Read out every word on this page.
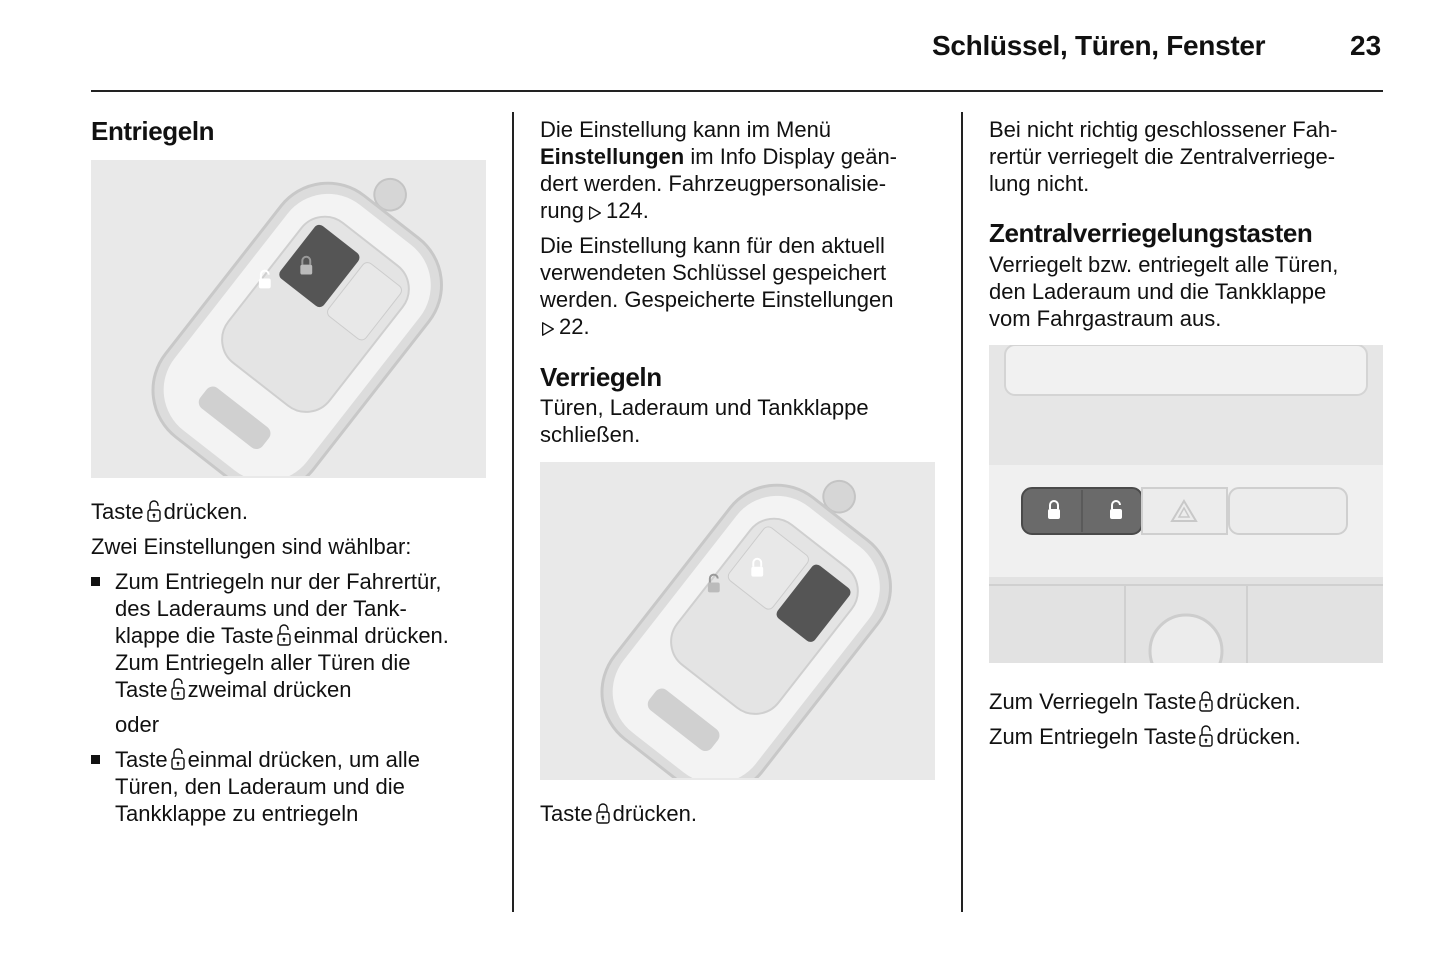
Schlüssel, Türen, Fenster	23
Entriegeln

Taste drücken.

Zwei Einstellungen sind wählbar:

Zum Entriegeln nur der Fahrertür,

des Laderaums und der Tank-

klappe die Taste einmal drücken.

Zum Entriegeln aller Türen die

Taste zweimal drücken

oder

Taste einmal drücken, um alle

Türen, den Laderaum und die

Tankklappe zu entriegeln

Die Einstellung kann im Menü

Einstellungen im Info Display geän-

dert werden. Fahrzeugpersonalisie-

rung 124.

Die Einstellung kann für den aktuell

verwendeten Schlüssel gespeichert

werden. Gespeicherte Einstellungen

22.

Verriegeln

Türen, Laderaum und Tankklappe

schließen.

Taste drücken.

Bei nicht richtig geschlossener Fah-

rertür verriegelt die Zentralverriege-

lung nicht.

Zentralverriegelungstasten

Verriegelt bzw. entriegelt alle Türen,

den Laderaum und die Tankklappe

vom Fahrgastraum aus.

Zum Verriegeln Taste drücken.

Zum Entriegeln Taste drücken.
